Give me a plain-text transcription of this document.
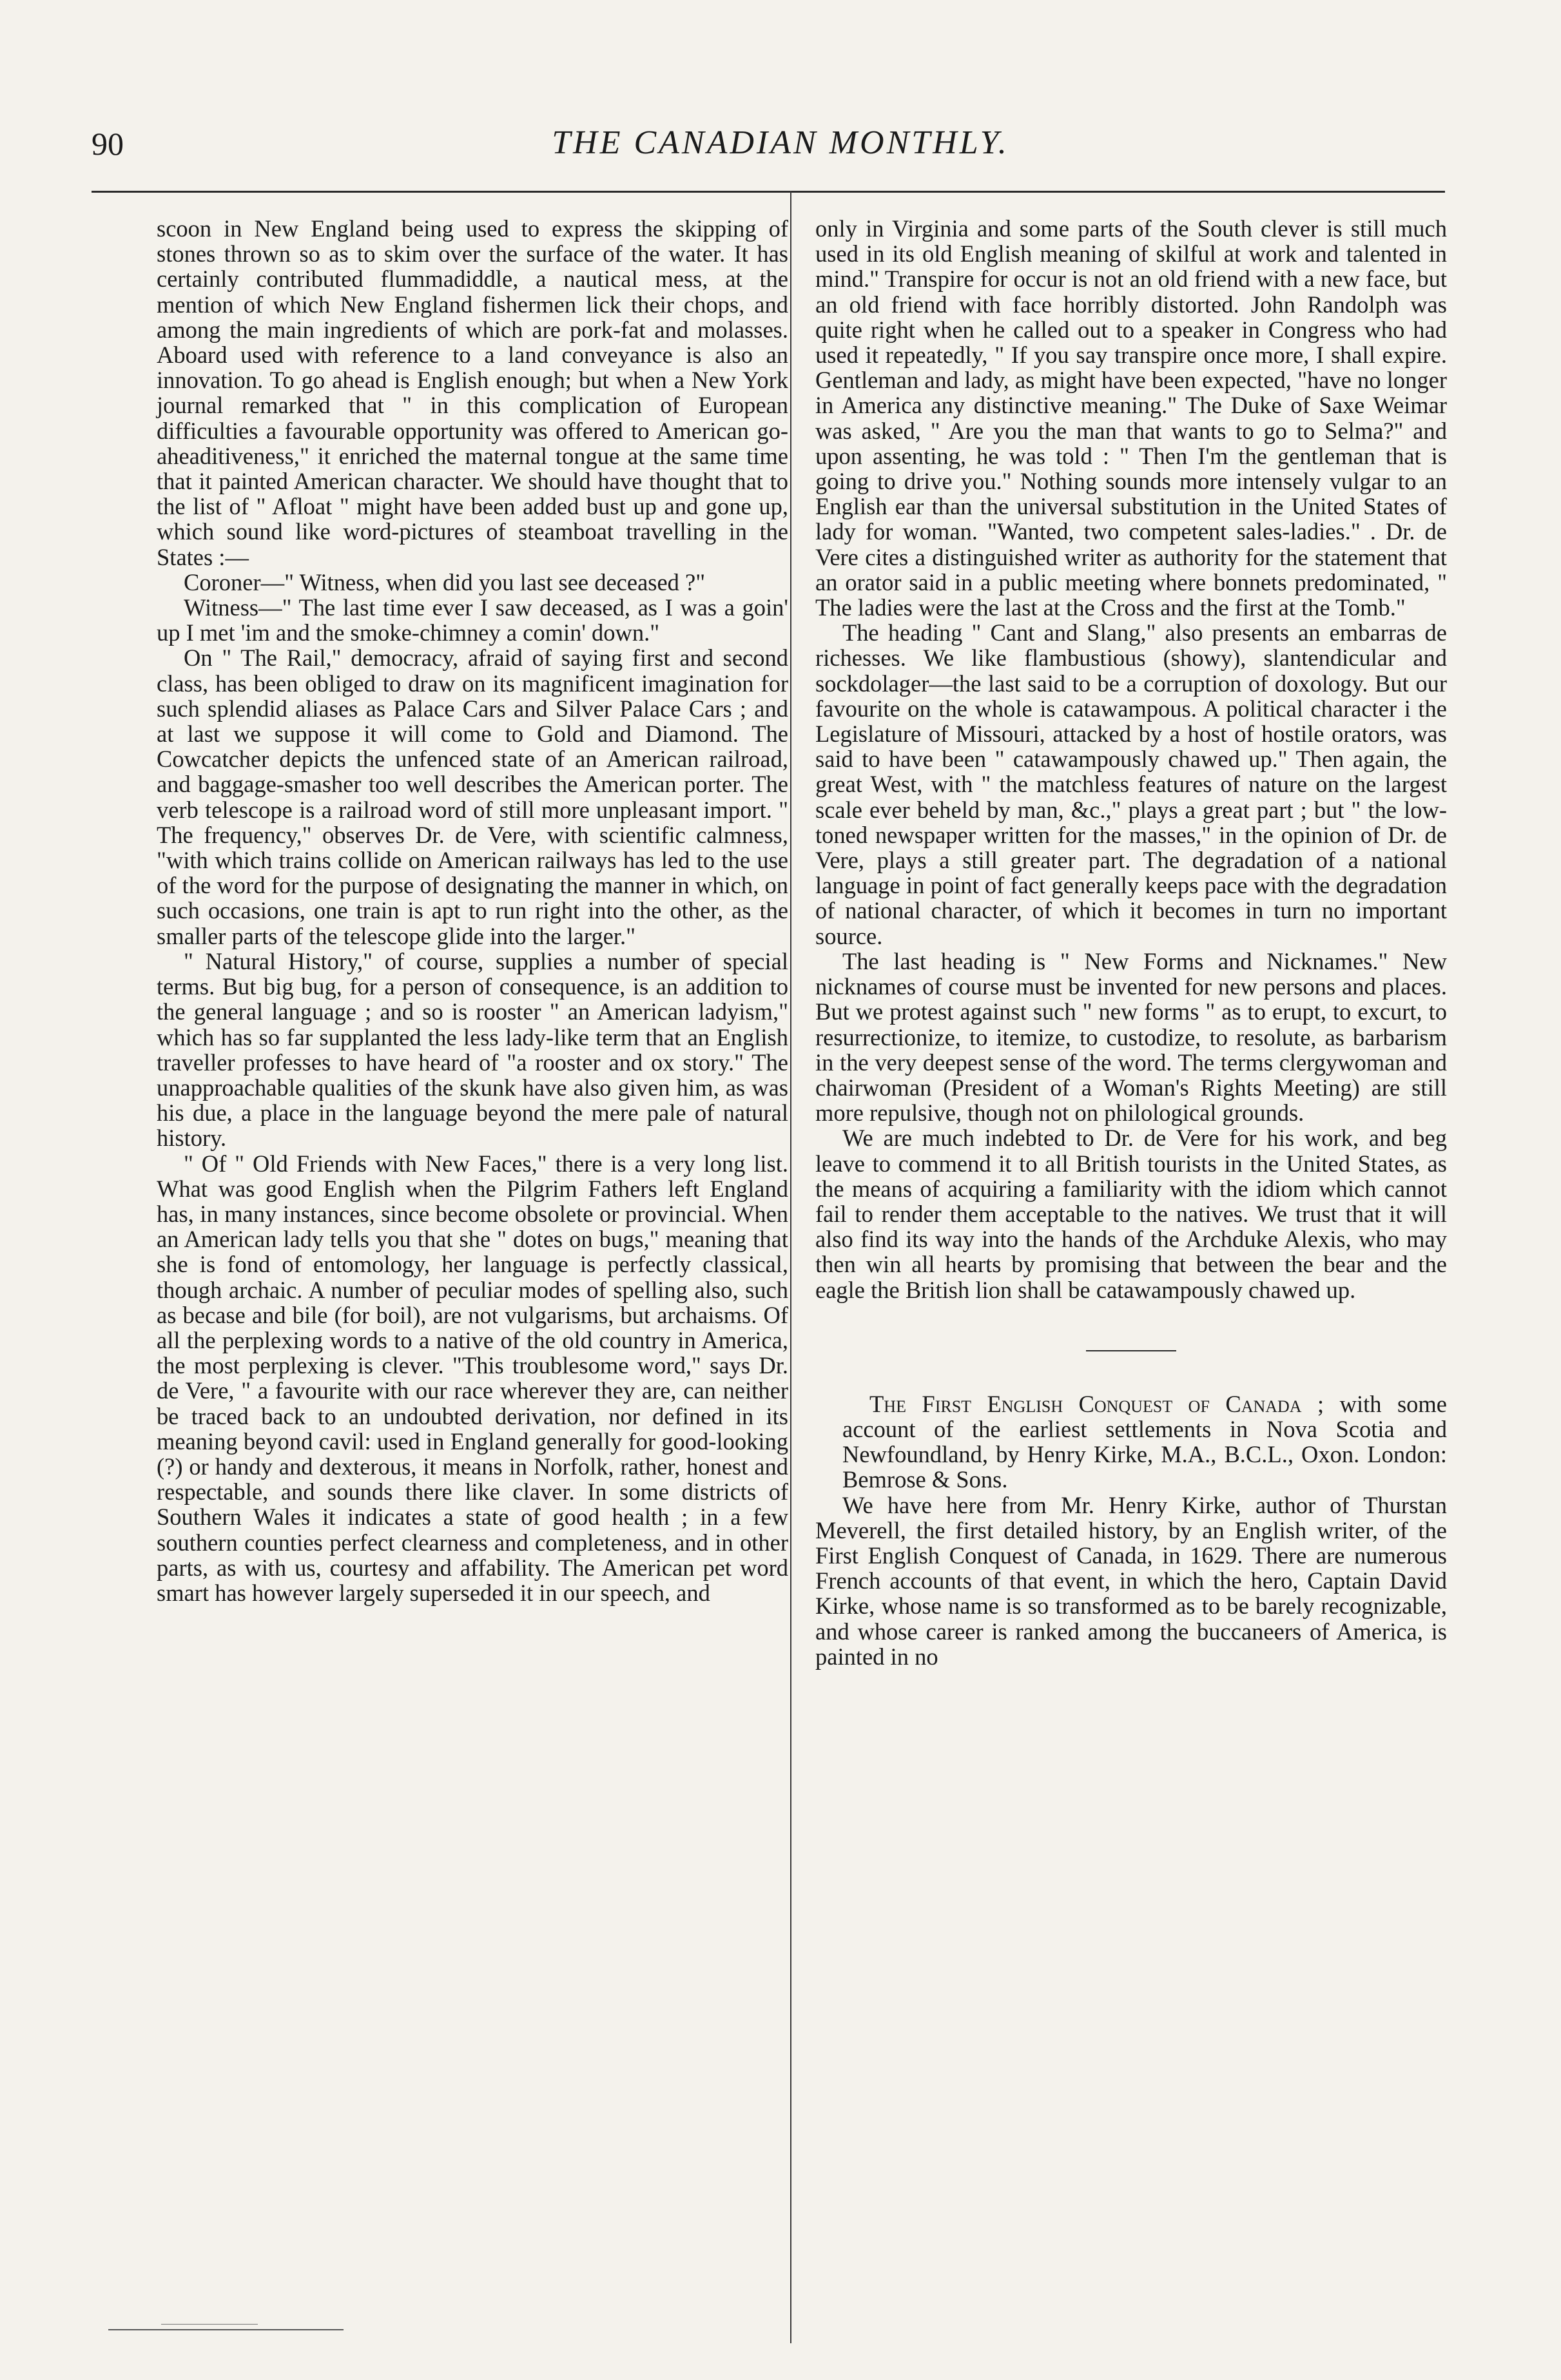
90	THE CANADIAN MONTHLY.

scoon in New England being used to express the skipping of stones thrown so as to skim over the surface of the water. It has certainly contributed flummadiddle, a nautical mess, at the mention of which New England fishermen lick their chops, and among the main ingredients of which are pork-fat and molasses. Aboard used with reference to a land conveyance is also an innovation. To go ahead is English enough; but when a New York journal remarked that " in this complication of European difficulties a favourable opportunity was offered to American go-aheaditiveness," it enriched the maternal tongue at the same time that it painted American character. We should have thought that to the list of " Afloat " might have been added bust up and gone up, which sound like word-pictures of steamboat travelling in the States :—

Coroner—" Witness, when did you last see deceased ?"

Witness—" The last time ever I saw deceased, as I was a goin' up I met 'im and the smoke-chimney a comin' down."

On " The Rail," democracy, afraid of saying first and second class, has been obliged to draw on its magnificent imagination for such splendid aliases as Palace Cars and Silver Palace Cars ; and at last we suppose it will come to Gold and Diamond. The Cowcatcher depicts the unfenced state of an American railroad, and baggage-smasher too well describes the American porter. The verb telescope is a railroad word of still more unpleasant import. " The frequency," observes Dr. de Vere, with scientific calmness, "with which trains collide on American railways has led to the use of the word for the purpose of designating the manner in which, on such occasions, one train is apt to run right into the other, as the smaller parts of the telescope glide into the larger."

" Natural History," of course, supplies a number of special terms. But big bug, for a person of consequence, is an addition to the general language ; and so is rooster " an American ladyism," which has so far supplanted the less lady-like term that an English traveller professes to have heard of "a rooster and ox story." The unapproachable qualities of the skunk have also given him, as was his due, a place in the language beyond the mere pale of natural history.

" Of " Old Friends with New Faces," there is a very long list. What was good English when the Pilgrim Fathers left England has, in many instances, since become obsolete or provincial. When an American lady tells you that she " dotes on bugs," meaning that she is fond of entomology, her language is perfectly classical, though archaic. A number of peculiar modes of spelling also, such as becase and bile (for boil), are not vulgarisms, but archaisms. Of all the perplexing words to a native of the old country in America, the most perplexing is clever. "This troublesome word," says Dr. de Vere, " a favourite with our race wherever they are, can neither be traced back to an undoubted derivation, nor defined in its meaning beyond cavil: used in England generally for good-looking (?) or handy and dexterous, it means in Norfolk, rather, honest and respectable, and sounds there like claver. In some districts of Southern Wales it indicates a state of good health ; in a few southern counties perfect clearness and completeness, and in other parts, as with us, courtesy and affability. The American pet word smart has however largely superseded it in our speech, and

only in Virginia and some parts of the South clever is still much used in its old English meaning of skilful at work and talented in mind." Transpire for occur is not an old friend with a new face, but an old friend with face horribly distorted. John Randolph was quite right when he called out to a speaker in Congress who had used it repeatedly, " If you say transpire once more, I shall expire. Gentleman and lady, as might have been expected, "have no longer in America any distinctive meaning." The Duke of Saxe Weimar was asked, " Are you the man that wants to go to Selma?" and upon assenting, he was told : " Then I'm the gentleman that is going to drive you." Nothing sounds more intensely vulgar to an English ear than the universal substitution in the United States of lady for woman. "Wanted, two competent sales-ladies." . Dr. de Vere cites a distinguished writer as authority for the statement that an orator said in a public meeting where bonnets predominated, " The ladies were the last at the Cross and the first at the Tomb."

The heading " Cant and Slang," also presents an embarras de richesses. We like flambustious (showy), slantendicular and sockdolager—the last said to be a corruption of doxology. But our favourite on the whole is catawampous. A political character i the Legislature of Missouri, attacked by a host of hostile orators, was said to have been " catawampously chawed up." Then again, the great West, with " the matchless features of nature on the largest scale ever beheld by man, &c.," plays a great part ; but " the low-toned newspaper written for the masses," in the opinion of Dr. de Vere, plays a still greater part. The degradation of a national language in point of fact generally keeps pace with the degradation of national character, of which it becomes in turn no important source.

The last heading is " New Forms and Nicknames." New nicknames of course must be invented for new persons and places. But we protest against such " new forms " as to erupt, to excurt, to resurrectionize, to itemize, to custodize, to resolute, as barbarism in the very deepest sense of the word. The terms clergywoman and chairwoman (President of a Woman's Rights Meeting) are still more repulsive, though not on philological grounds.

We are much indebted to Dr. de Vere for his work, and beg leave to commend it to all British tourists in the United States, as the means of acquiring a familiarity with the idiom which cannot fail to render them acceptable to the natives. We trust that it will also find its way into the hands of the Archduke Alexis, who may then win all hearts by promising that between the bear and the eagle the British lion shall be catawampously chawed up.

The First English Conquest of Canada ; with some account of the earliest settlements in Nova Scotia and Newfoundland, by Henry Kirke, M.A., B.C.L., Oxon. London: Bemrose & Sons.

We have here from Mr. Henry Kirke, author of Thurstan Meverell, the first detailed history, by an English writer, of the First English Conquest of Canada, in 1629. There are numerous French accounts of that event, in which the hero, Captain David Kirke, whose name is so transformed as to be barely recognizable, and whose career is ranked among the buccaneers of America, is painted in no
